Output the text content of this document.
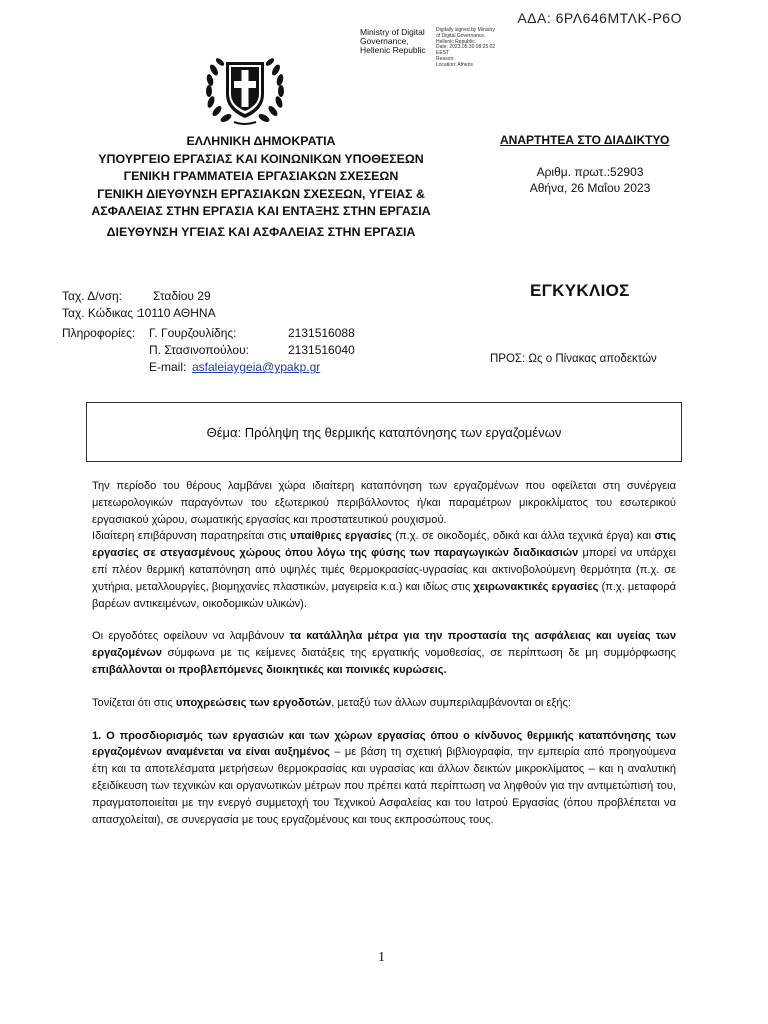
ΑΔΑ: 6ΡΛ646ΜΤΛΚ-Ρ6Ο
Ministry of Digital
Governance,
Hellenic Republic
Digitally signed by Ministry
of Digital Governance,
Hellenic Republic
Date: 2023.05.30 08:25:02
EEST
Reason:
Location: Athens
ΕΛΛΗΝΙΚΗ ΔΗΜΟΚΡΑΤΙΑ
ΥΠΟΥΡΓΕΙΟ ΕΡΓΑΣΙΑΣ ΚΑΙ ΚΟΙΝΩΝΙΚΩΝ ΥΠΟΘΕΣΕΩΝ
ΓΕΝΙΚΗ ΓΡΑΜΜΑΤΕΙΑ ΕΡΓΑΣΙΑΚΩΝ ΣΧΕΣΕΩΝ
ΓΕΝΙΚΗ ΔΙΕΥΘΥΝΣΗ ΕΡΓΑΣΙΑΚΩΝ ΣΧΕΣΕΩΝ, ΥΓΕΙΑΣ &
ΑΣΦΑΛΕΙΑΣ ΣΤΗΝ ΕΡΓΑΣΙΑ ΚΑΙ ΕΝΤΑΞΗΣ ΣΤΗΝ ΕΡΓΑΣΙΑ
ΔΙΕΥΘΥΝΣΗ ΥΓΕΙΑΣ ΚΑΙ ΑΣΦΑΛΕΙΑΣ ΣΤΗΝ ΕΡΓΑΣΙΑ
ΑΝΑΡΤΗΤΕΑ ΣΤΟ ΔΙΑΔΙΚΤΥΟ
Αριθμ. πρωτ.:52903
Αθήνα, 26 Μαΐου 2023
ΕΓΚΥΚΛΙΟΣ
Ταχ. Δ/νση:	Σταδίου 29
Ταχ. Κώδικας :
10110 ΑΘΗΝΑ
Πληροφορίες: Γ. Γουρζουλίδης:	2131516088
Π. Στασινοπούλου:	2131516040
E-mail: asfaleiaygeia@ypakp.gr
ΠΡΟΣ: Ως ο Πίνακας αποδεκτών
Θέμα: Πρόληψη της θερμικής καταπόνησης των εργαζομένων

Την περίοδο του θέρους λαμβάνει χώρα ιδιαίτερη καταπόνηση των εργαζομένων που οφείλεται στη συνέργεια μετεωρολογικών παραγόντων του εξωτερικού περιβάλλοντος ή/και παραμέτρων μικροκλίματος του εσωτερικού εργασιακού χώρου, σωματικής εργασίας και προστατευτικού ρουχισμού.

Ιδιαίτερη επιβάρυνση παρατηρείται στις υπαίθριες εργασίες (π.χ. σε οικοδομές, οδικά και άλλα τεχνικά έργα) και στις εργασίες σε στεγασμένους χώρους όπου λόγω της φύσης των παραγωγικών διαδικασιών μπορεί να υπάρχει επί πλέον θερμική καταπόνηση από υψηλές τιμές θερμοκρασίας-υγρασίας και ακτινοβολούμενη θερμότητα (π.χ. σε χυτήρια, μεταλλουργίες, βιομηχανίες πλαστικών, μαγειρεία κ.α.) και ιδίως στις χειρωνακτικές εργασίες (π.χ. μεταφορά βαρέων αντικειμένων, οικοδομικών υλικών).

Οι εργοδότες οφείλουν να λαμβάνουν τα κατάλληλα μέτρα για την προστασία της ασφάλειας και υγείας των εργαζομένων σύμφωνα με τις κείμενες διατάξεις της εργατικής νομοθεσίας, σε περίπτωση δε μη συμμόρφωσης επιβάλλονται οι προβλεπόμενες διοικητικές και ποινικές κυρώσεις.

Τονίζεται ότι στις υποχρεώσεις των εργοδοτών, μεταξύ των άλλων συμπεριλαμβάνονται οι εξής:

1. Ο προσδιορισμός των εργασιών και των χώρων εργασίας όπου ο κίνδυνος θερμικής καταπόνησης των εργαζομένων αναμένεται να είναι αυξημένος – με βάση τη σχετική βιβλιογραφία, την εμπειρία από προηγούμενα έτη και τα αποτελέσματα μετρήσεων θερμοκρασίας και υγρασίας και άλλων δεικτών μικροκλίματος – και η αναλυτική εξειδίκευση των τεχνικών και οργανωτικών μέτρων που πρέπει κατά περίπτωση να ληφθούν για την αντιμετώπισή του, πραγματοποιείται με την ενεργό συμμετοχή του Τεχνικού Ασφαλείας και του Ιατρού Εργασίας (όπου προβλέπεται να απασχολείται), σε συνεργασία με τους εργαζομένους και τους εκπροσώπους τους.

1
